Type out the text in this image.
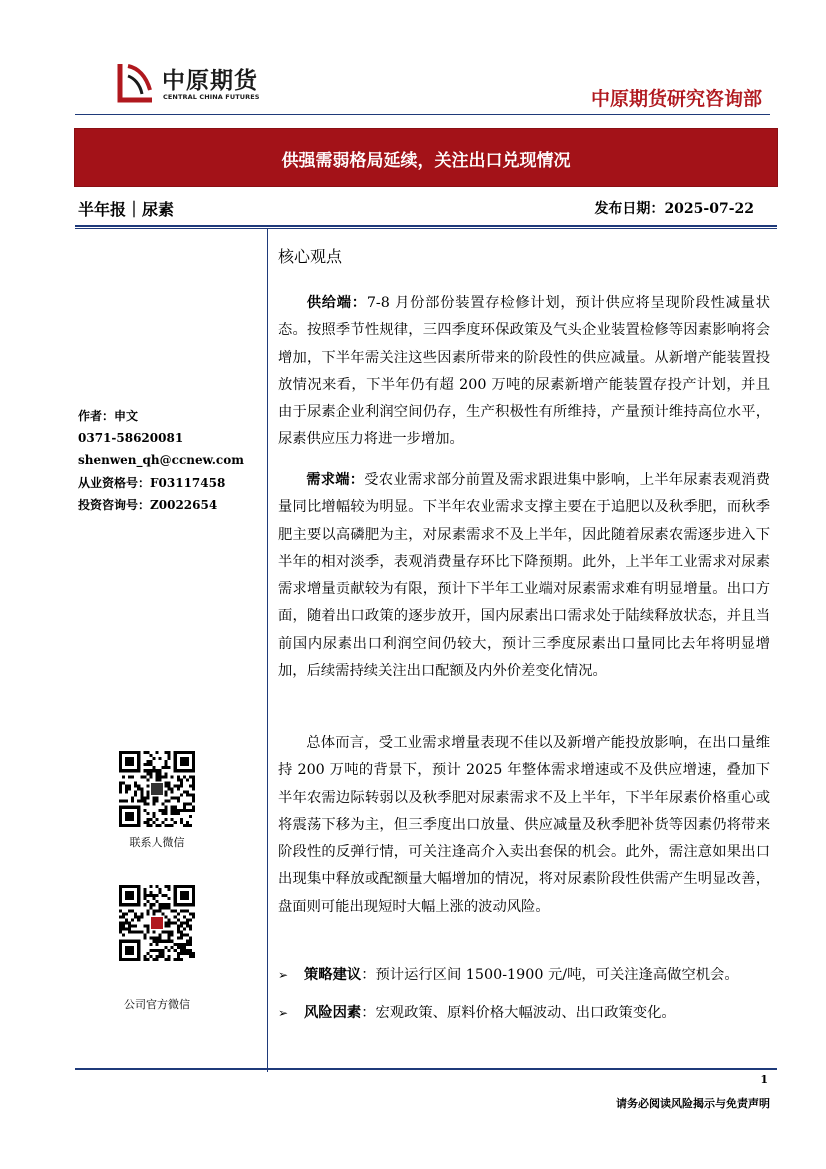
中原期货
CENTRAL CHINA FUTURES	中原期货研究咨询部
供强需弱格局延续，关注出口兑现情况
半年报｜尿素	发布日期：2025-07-22
作者：申文
0371-58620081
shenwen_qh@ccnew.com
从业资格号：F03117458
投资咨询号：Z0022654
联系人微信
公司官方微信
核心观点
供给端：7-8 月份部份装置存检修计划，预计供应将呈现阶段性减量状态。按照季节性规律，三四季度环保政策及气头企业装置检修等因素影响将会增加，下半年需关注这些因素所带来的阶段性的供应减量。从新增产能装置投放情况来看，下半年仍有超 200 万吨的尿素新增产能装置存投产计划，并且由于尿素企业利润空间仍存，生产积极性有所维持，产量预计维持高位水平，尿素供应压力将进一步增加。
需求端：受农业需求部分前置及需求跟进集中影响，上半年尿素表观消费量同比增幅较为明显。下半年农业需求支撑主要在于追肥以及秋季肥，而秋季肥主要以高磷肥为主，对尿素需求不及上半年，因此随着尿素农需逐步进入下半年的相对淡季，表观消费量存环比下降预期。此外，上半年工业需求对尿素需求增量贡献较为有限，预计下半年工业端对尿素需求难有明显增量。出口方面，随着出口政策的逐步放开，国内尿素出口需求处于陆续释放状态，并且当前国内尿素出口利润空间仍较大，预计三季度尿素出口量同比去年将明显增加，后续需持续关注出口配额及内外价差变化情况。
总体而言，受工业需求增量表现不佳以及新增产能投放影响，在出口量维持 200 万吨的背景下，预计 2025 年整体需求增速或不及供应增速，叠加下半年农需边际转弱以及秋季肥对尿素需求不及上半年，下半年尿素价格重心或将震荡下移为主，但三季度出口放量、供应减量及秋季肥补货等因素仍将带来阶段性的反弹行情，可关注逢高介入卖出套保的机会。此外，需注意如果出口出现集中释放或配额量大幅增加的情况，将对尿素阶段性供需产生明显改善，盘面则可能出现短时大幅上涨的波动风险。
➢ 策略建议：预计运行区间 1500-1900 元/吨，可关注逢高做空机会。
➢ 风险因素：宏观政策、原料价格大幅波动、出口政策变化。
1
请务必阅读风险揭示与免责声明
